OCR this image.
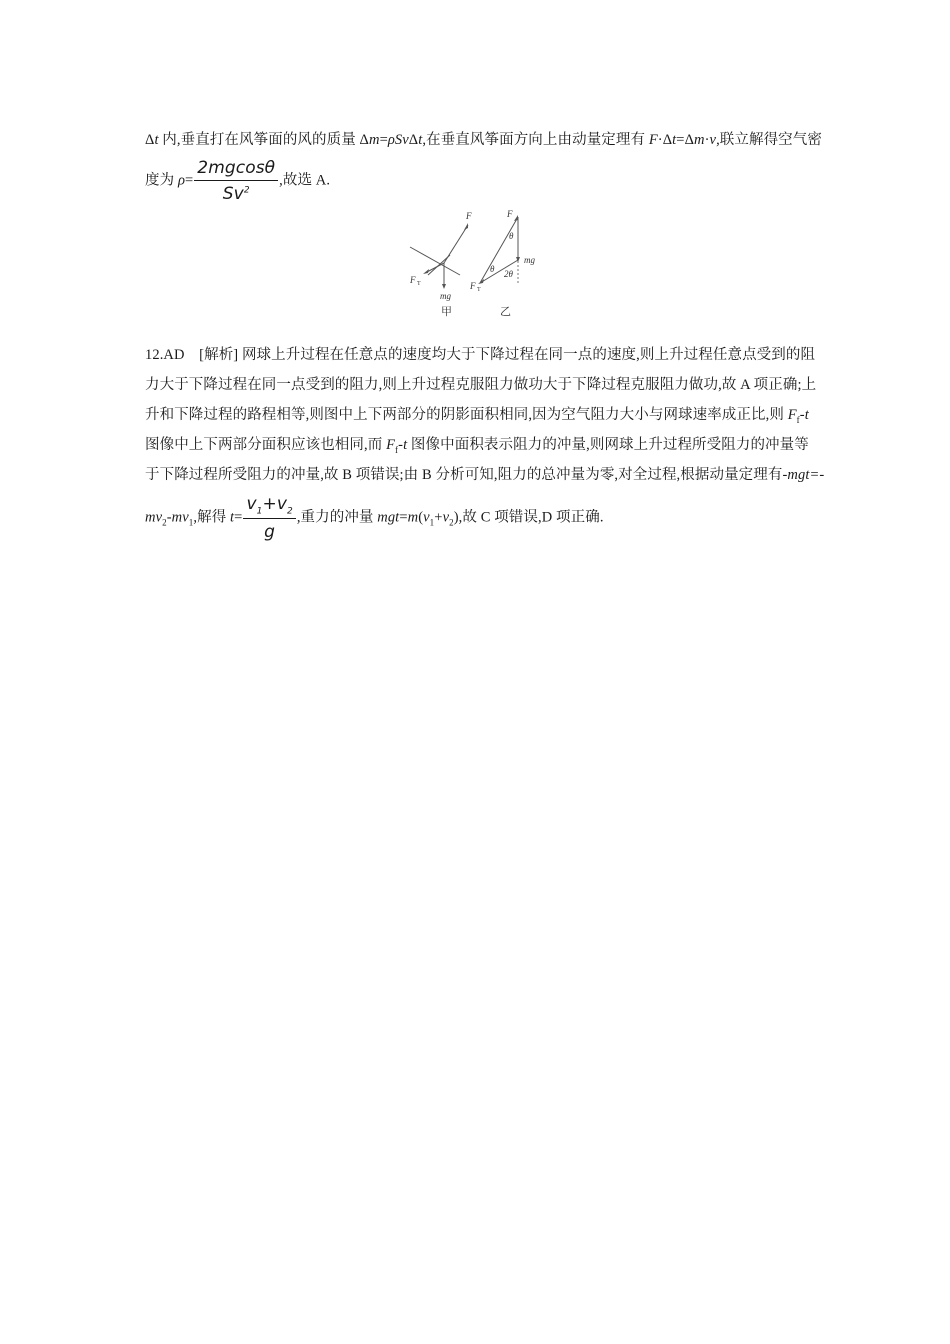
Δt 内,垂直打在风筝面的风的质量 Δm=ρSvΔt,在垂直风筝面方向上由动量定理有 F·Δt=Δm·v,联立解得空气密
度为 $\rho= \frac{2mgcos\theta}{Sv^2}$ ,故选 A.
F
F T
mg
甲
F
θ
mg
θ 2θ
F T
乙
12.AD　[解析] 网球上升过程在任意点的速度均大于下降过程在同一点的速度,则上升过程任意点受到的阻
力大于下降过程在同一点受到的阻力,则上升过程克服阻力做功大于下降过程克服阻力做功,故 A 项正确;上
升和下降过程的路程相等,则图中上下两部分的阴影面积相同,因为空气阻力大小与网球速率成正比,则 $F_f-t$
图像中上下两部分面积应该也相同,而 $F_f-t$ 图像中面积表示阻力的冲量,则网球上升过程所受阻力的冲量等
于下降过程所受阻力的冲量,故 B 项错误;由 B 分析可知,阻力的总冲量为零,对全过程,根据动量定理有-mgt=-
$mv_2-mv_1$,解得 $t= \frac{v_1+v_2}{g}$ ,重力的冲量 $mgt=m(v_1+v_2)$,故 C 项错误,D 项正确.
